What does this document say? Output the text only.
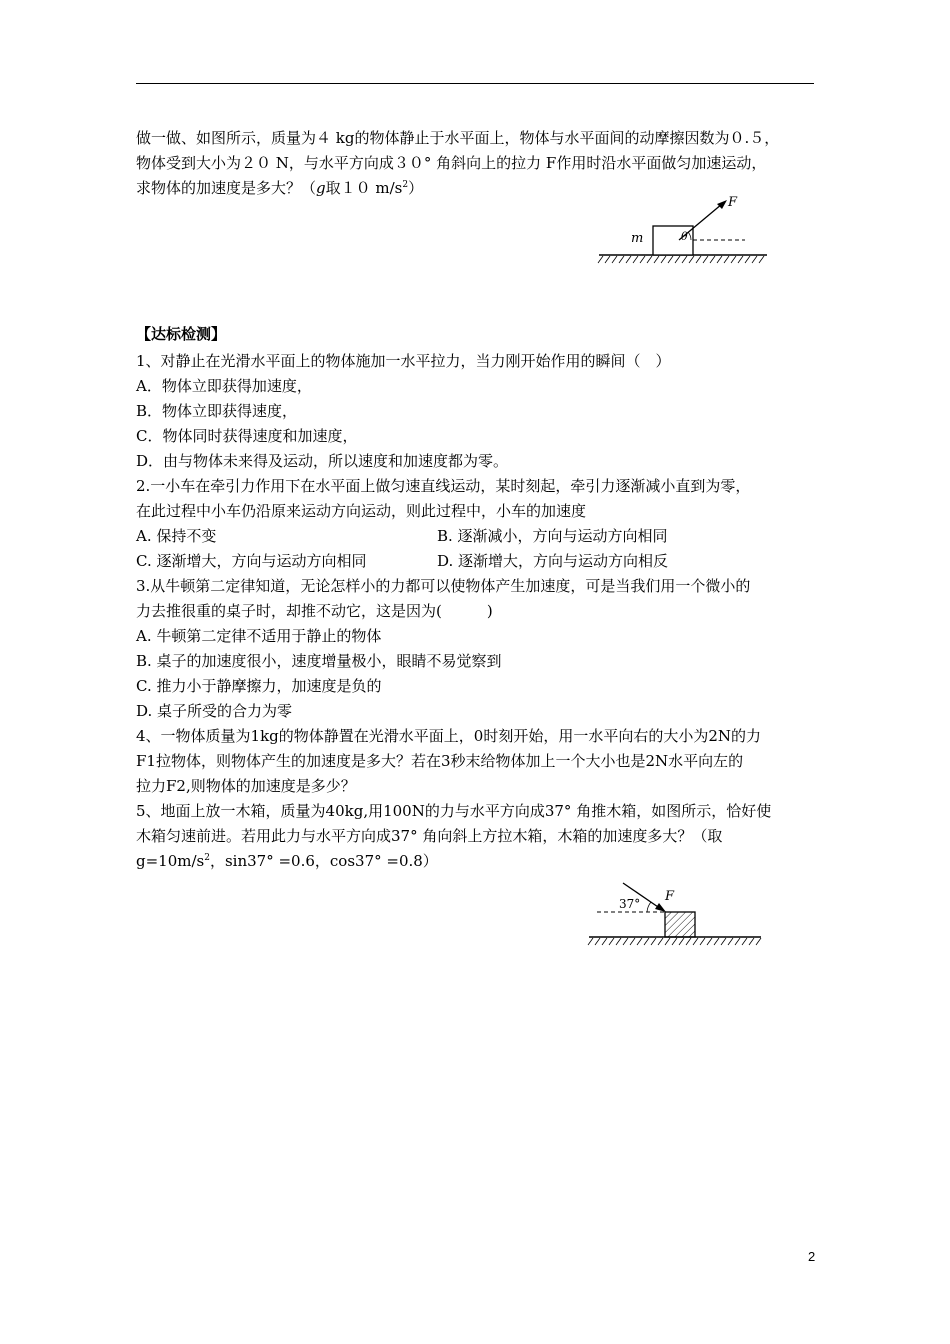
做一做、如图所示，质量为４ kg的物体静止于水平面上，物体与水平面间的动摩擦因数为０.５，
物体受到大小为２０ N，与水平方向成３０° 角斜向上的拉力 F作用时沿水平面做匀加速运动，
求物体的加速度是多大？（g取１０ $m/s^2$）
m
F
θ
【达标检测】
1、对静止在光滑水平面上的物体施加一水平拉力，当力刚开始作用的瞬间（　）
A．物体立即获得加速度，
B．物体立即获得速度，
C．物体同时获得速度和加速度，
D．由与物体未来得及运动，所以速度和加速度都为零。
2.一小车在牵引力作用下在水平面上做匀速直线运动，某时刻起，牵引力逐渐减小直到为零，
在此过程中小车仍沿原来运动方向运动，则此过程中，小车的加速度
A. 保持不变	B. 逐渐减小，方向与运动方向相同
C. 逐渐增大，方向与运动方向相同	D. 逐渐增大，方向与运动方向相反
3.从牛顿第二定律知道，无论怎样小的力都可以使物体产生加速度，可是当我们用一个微小的
力去推很重的桌子时，却推不动它，这是因为(　　　)
A. 牛顿第二定律不适用于静止的物体
B. 桌子的加速度很小，速度增量极小，眼睛不易觉察到
C. 推力小于静摩擦力，加速度是负的
D. 桌子所受的合力为零
4、一物体质量为1kg的物体静置在光滑水平面上，0时刻开始，用一水平向右的大小为2N的力
F1拉物体，则物体产生的加速度是多大？若在3秒末给物体加上一个大小也是2N水平向左的
拉力F2,则物体的加速度是多少？
5、地面上放一木箱，质量为40kg,用100N的力与水平方向成37° 角推木箱，如图所示，恰好使
木箱匀速前进。若用此力与水平方向成37° 角向斜上方拉木箱，木箱的加速度多大？（取
$g=10m/s^2$，sin37° =0.6，cos37° =0.8）
37° F
2
